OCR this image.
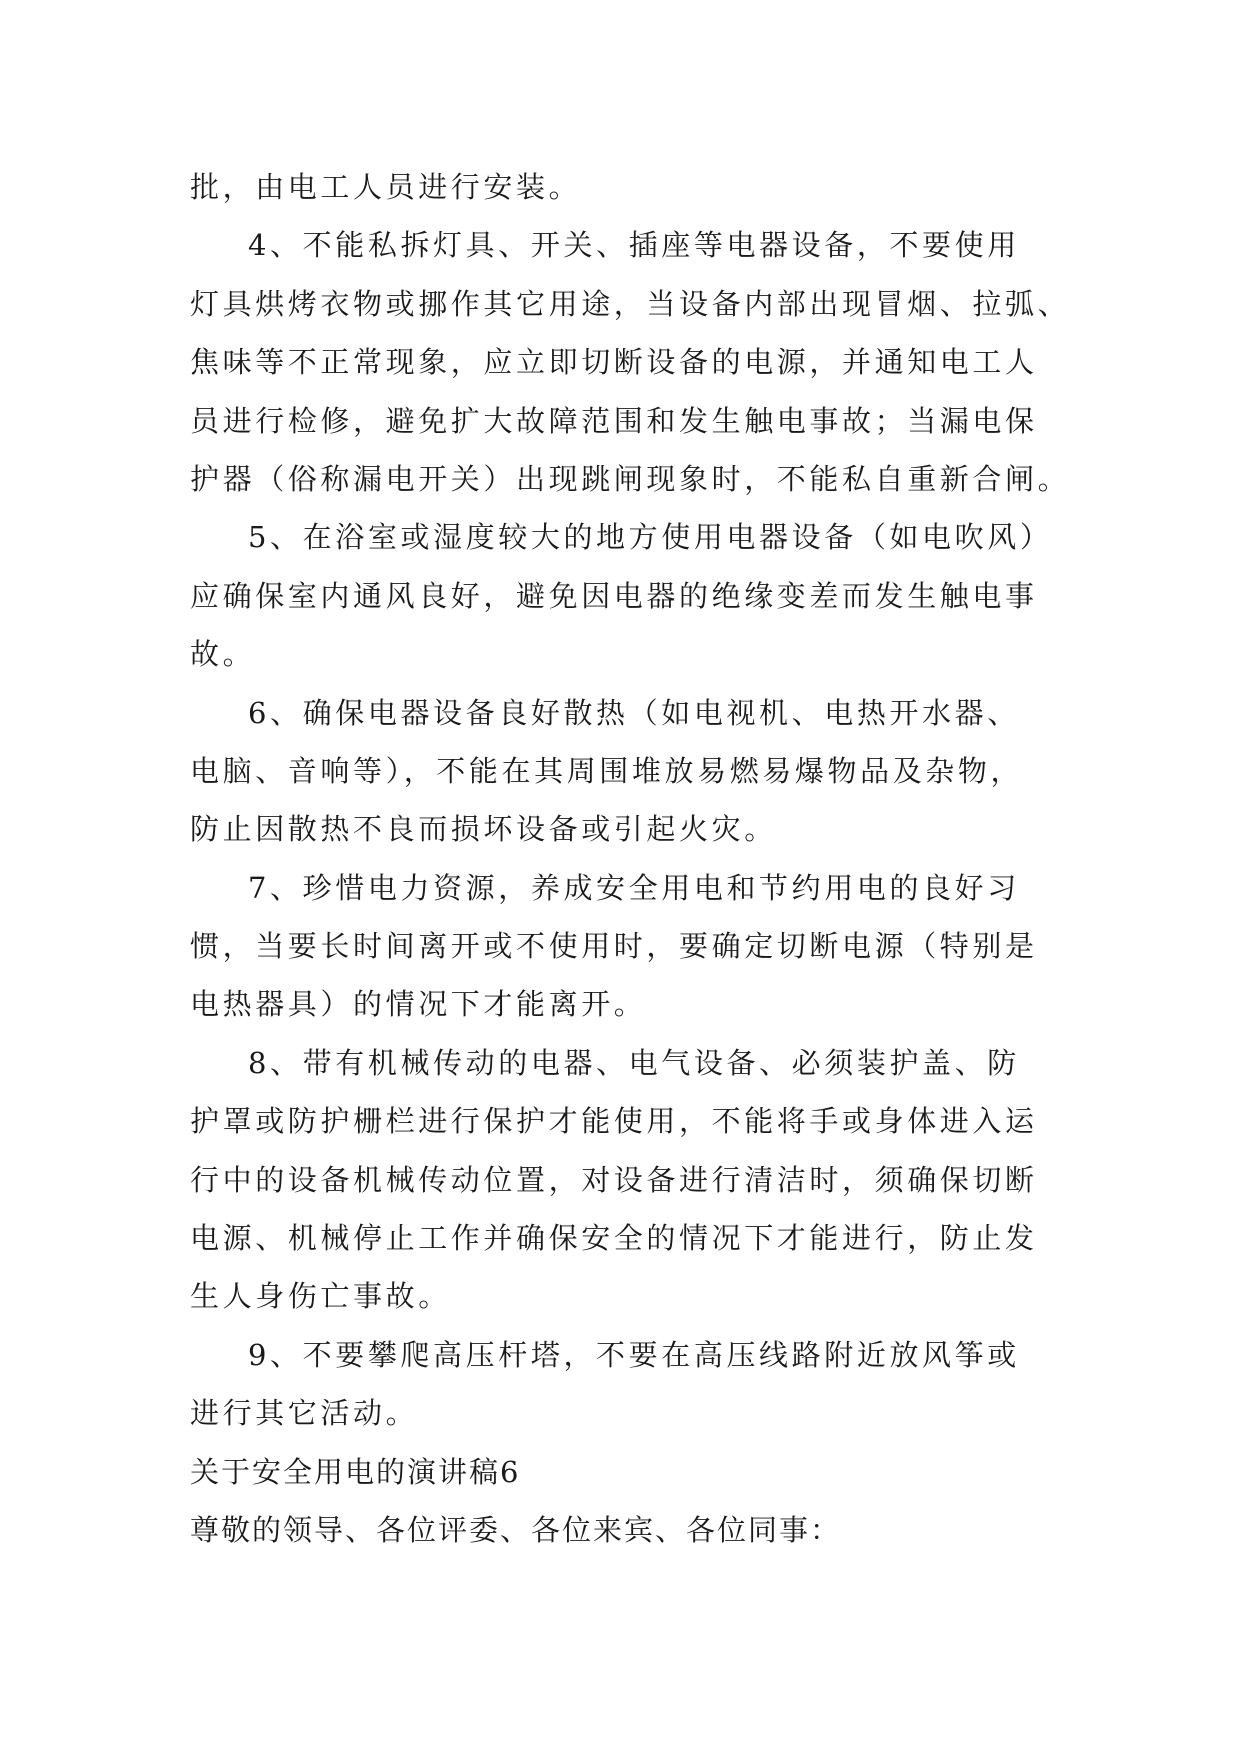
批，由电工人员进行安装。
4、不能私拆灯具、开关、插座等电器设备，不要使用
灯具烘烤衣物或挪作其它用途，当设备内部出现冒烟、拉弧、
焦味等不正常现象，应立即切断设备的电源，并通知电工人
员进行检修，避免扩大故障范围和发生触电事故；当漏电保
护器（俗称漏电开关）出现跳闸现象时，不能私自重新合闸。
5、在浴室或湿度较大的地方使用电器设备（如电吹风）
应确保室内通风良好，避免因电器的绝缘变差而发生触电事
故。
6、确保电器设备良好散热（如电视机、电热开水器、
电脑、音响等），不能在其周围堆放易燃易爆物品及杂物，
防止因散热不良而损坏设备或引起火灾。
7、珍惜电力资源，养成安全用电和节约用电的良好习
惯，当要长时间离开或不使用时，要确定切断电源（特别是
电热器具）的情况下才能离开。
8、带有机械传动的电器、电气设备、必须装护盖、防
护罩或防护栅栏进行保护才能使用，不能将手或身体进入运
行中的设备机械传动位置，对设备进行清洁时，须确保切断
电源、机械停止工作并确保安全的情况下才能进行，防止发
生人身伤亡事故。
9、不要攀爬高压杆塔，不要在高压线路附近放风筝或
进行其它活动。
关于安全用电的演讲稿6
尊敬的领导、各位评委、各位来宾、各位同事：
